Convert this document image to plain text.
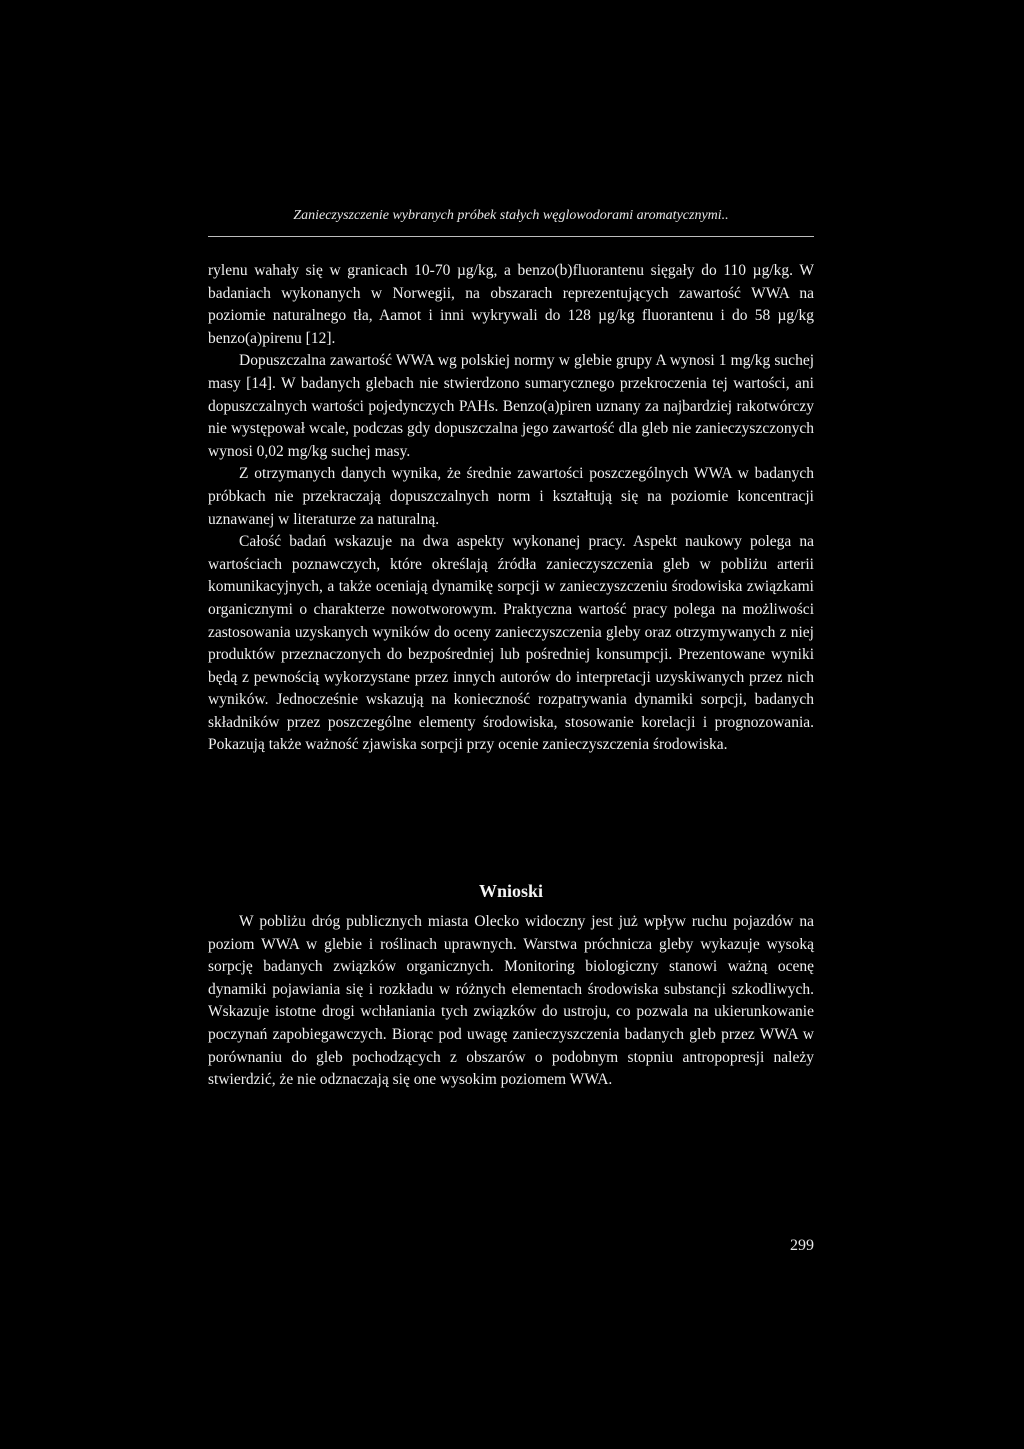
Zanieczyszczenie wybranych próbek stałych węglowodorami aromatycznymi..

rylenu wahały się w granicach 10-70 µg/kg, a benzo(b)fluorantenu sięgały do 110 µg/kg. W badaniach wykonanych w Norwegii, na obszarach reprezentujących zawartość WWA na poziomie naturalnego tła, Aamot i inni wykrywali do 128 µg/kg fluorantenu i do 58 µg/kg benzo(a)pirenu [12].

Dopuszczalna zawartość WWA wg polskiej normy w glebie grupy A wynosi 1 mg/kg suchej masy [14]. W badanych glebach nie stwierdzono sumarycznego przekroczenia tej wartości, ani dopuszczalnych wartości pojedynczych PAHs. Benzo(a)piren uznany za najbardziej rakotwórczy nie występował wcale, podczas gdy dopuszczalna jego zawartość dla gleb nie zanieczyszczonych wynosi 0,02 mg/kg suchej masy.

Z otrzymanych danych wynika, że średnie zawartości poszczególnych WWA w badanych próbkach nie przekraczają dopuszczalnych norm i kształtują się na poziomie koncentracji uznawanej w literaturze za naturalną.

Całość badań wskazuje na dwa aspekty wykonanej pracy. Aspekt naukowy polega na wartościach poznawczych, które określają źródła zanieczyszczenia gleb w pobliżu arterii komunikacyjnych, a także oceniają dynamikę sorpcji w zanieczyszczeniu środowiska związkami organicznymi o charakterze nowotworowym. Praktyczna wartość pracy polega na możliwości zastosowania uzyskanych wyników do oceny zanieczyszczenia gleby oraz otrzymywanych z niej produktów przeznaczonych do bezpośredniej lub pośredniej konsumpcji. Prezentowane wyniki będą z pewnością wykorzystane przez innych autorów do interpretacji uzyskiwanych przez nich wyników. Jednocześnie wskazują na konieczność rozpatrywania dynamiki sorpcji, badanych składników przez poszczególne elementy środowiska, stosowanie korelacji i prognozowania. Pokazują także ważność zjawiska sorpcji przy ocenie zanieczyszczenia środowiska.

Wnioski

W pobliżu dróg publicznych miasta Olecko widoczny jest już wpływ ruchu pojazdów na poziom WWA w glebie i roślinach uprawnych. Warstwa próchnicza gleby wykazuje wysoką sorpcję badanych związków organicznych. Monitoring biologiczny stanowi ważną ocenę dynamiki pojawiania się i rozkładu w różnych elementach środowiska substancji szkodliwych. Wskazuje istotne drogi wchłaniania tych związków do ustroju, co pozwala na ukierunkowanie poczynań zapobiegawczych. Biorąc pod uwagę zanieczyszczenia badanych gleb przez WWA w porównaniu do gleb pochodzących z obszarów o podobnym stopniu antropopresji należy stwierdzić, że nie odznaczają się one wysokim poziomem WWA.

299
